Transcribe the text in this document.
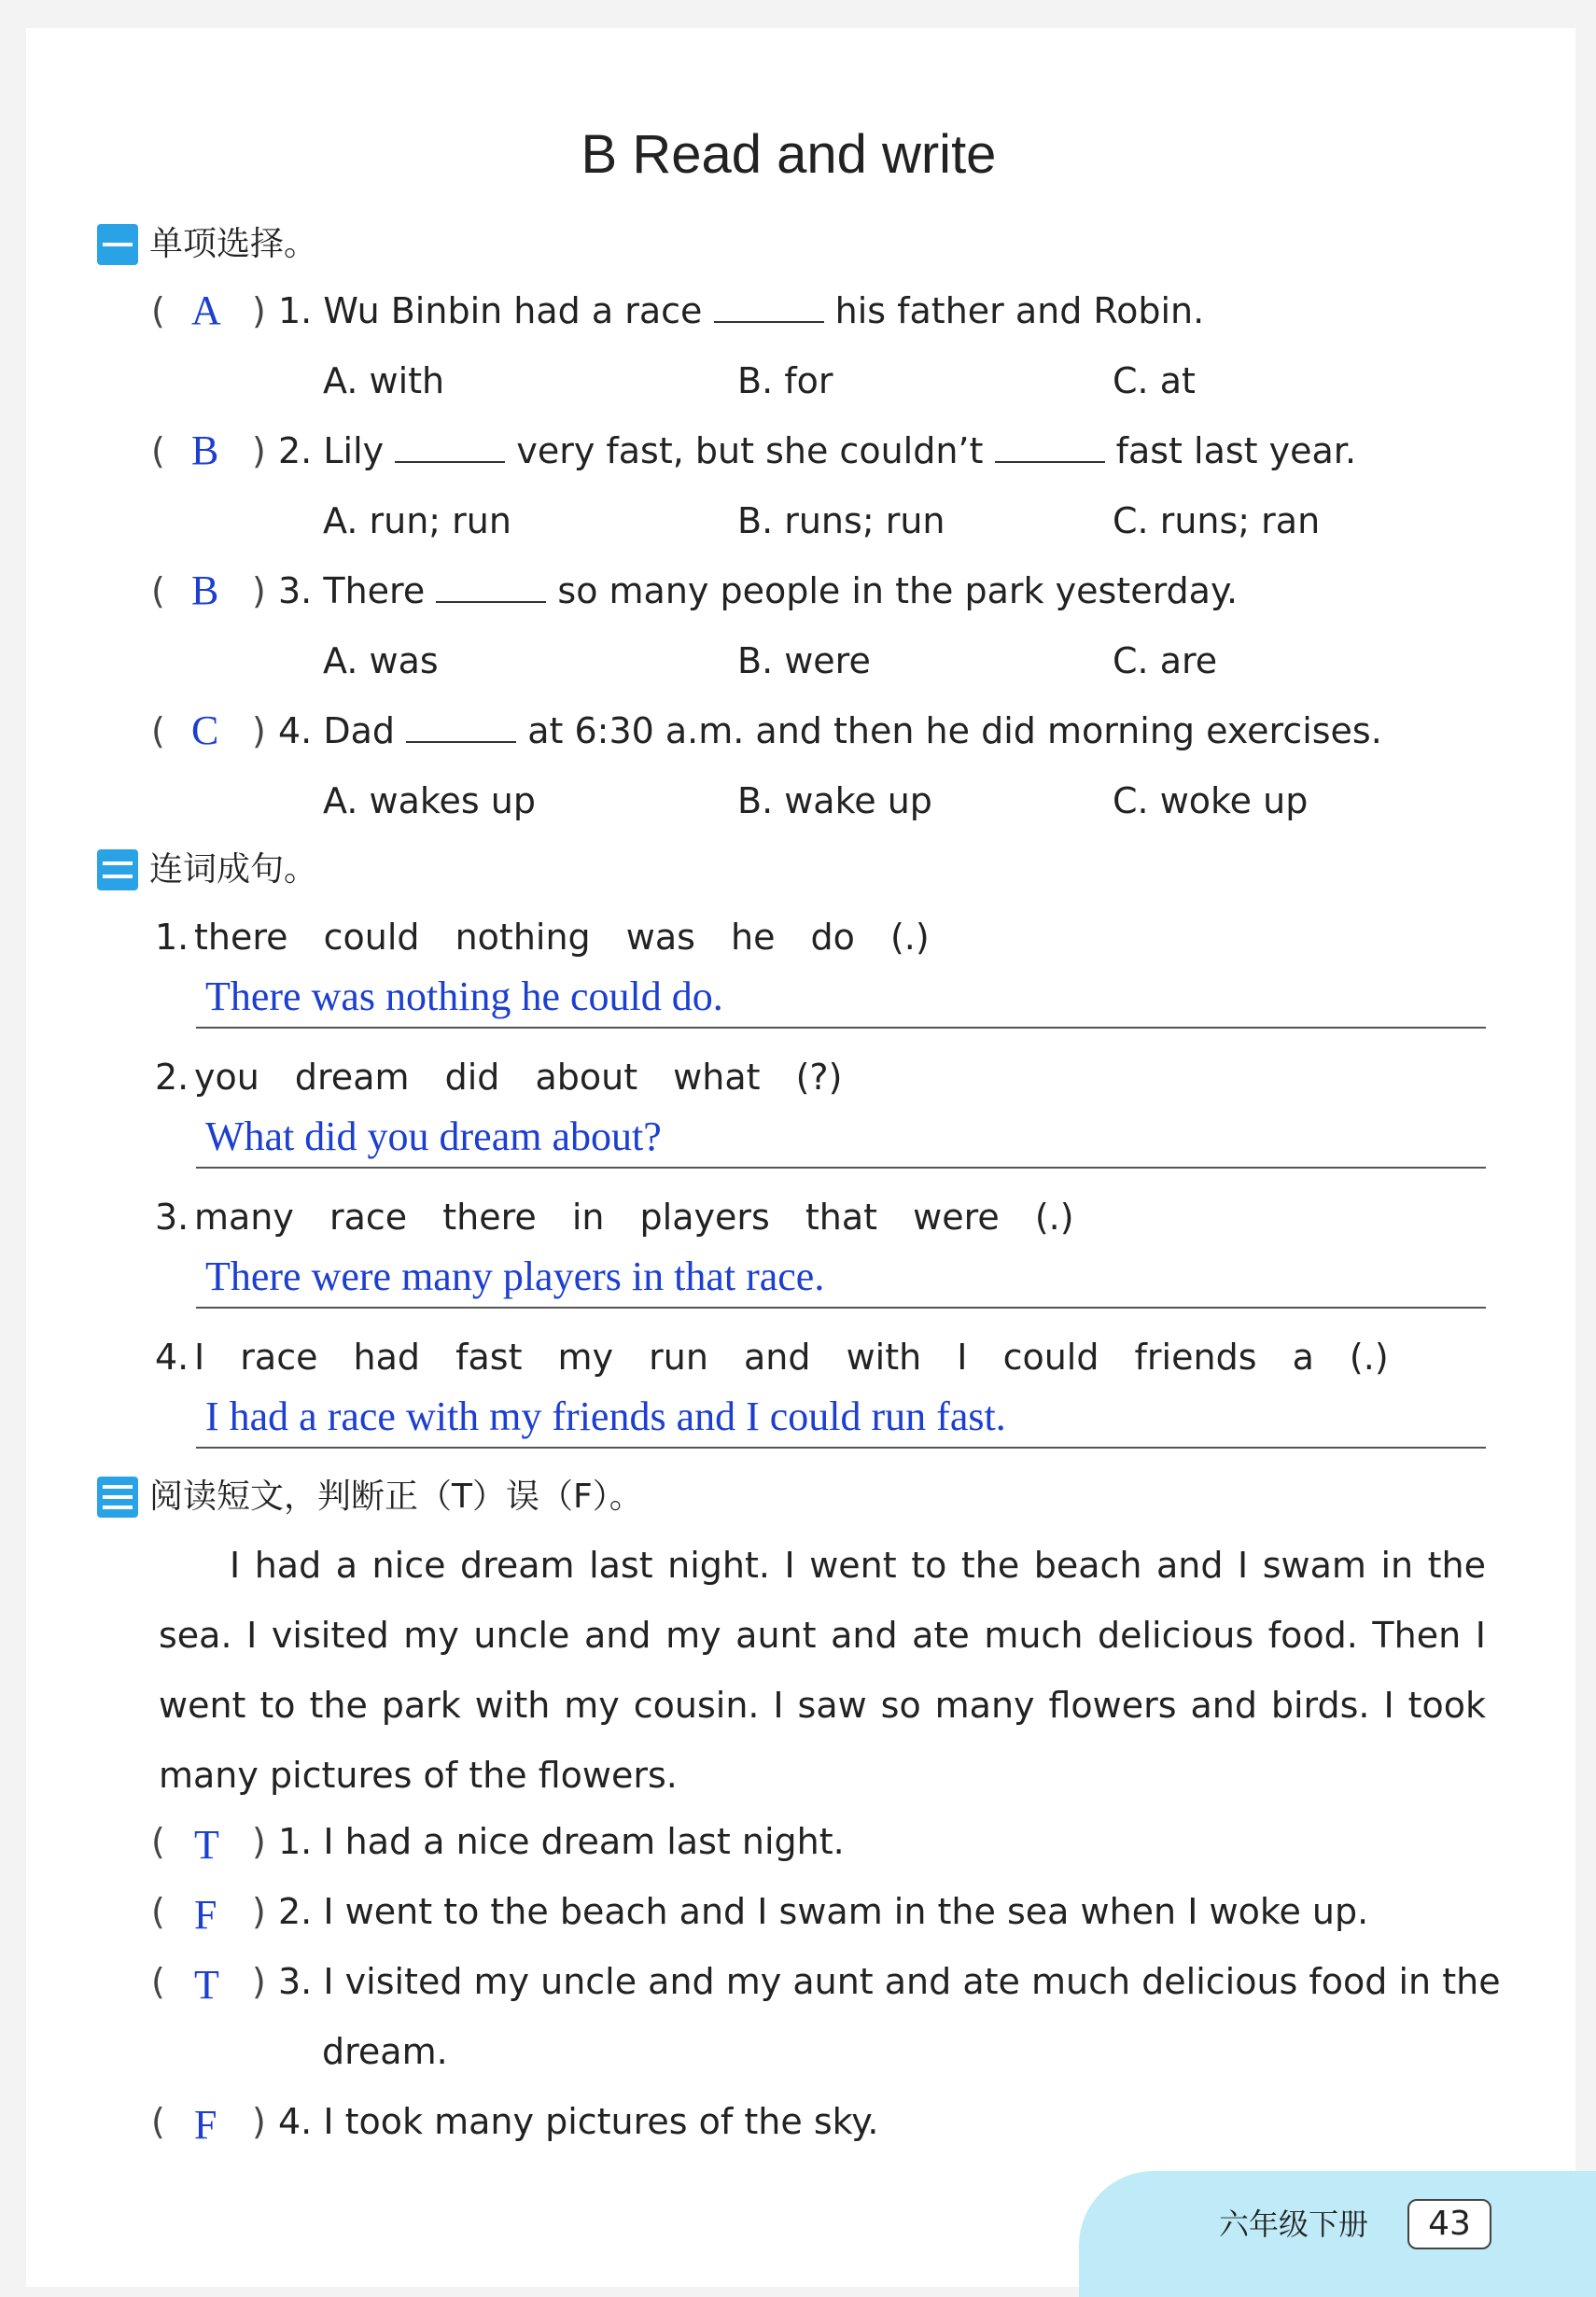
B Read and write
单项选择。
( A ) 1. Wu Binbin had a race	his father and Robin.
A. with	B. for	C. at
( B ) 2. Lily	very fast, but she couldn’t	fast last year.
A. run; run	B. runs; run	C. runs; ran
( B ) 3. There	so many people in the park yesterday.
A. was	B. were	C. are
( C ) 4. Dad	at 6:30 a.m. and then he did morning exercises.
A. wakes up	B. wake up	C. woke up
连词成句。
1. there could nothing was he do (.)
There was nothing he could do.
2. you dream did about what (?)
What did you dream about?
3. many race there in players that were (.)
There were many players in that race.
4. I race had fast my run and with I could friends a (.)
I had a race with my friends and I could run fast.
阅读短文，判断正（T）误（F）。
I had a nice dream last night. I went to the beach and I swam in the sea. I visited my uncle and my aunt and ate much delicious food. Then I went to the park with my cousin. I saw so many flowers and birds. I took many pictures of the flowers.
( T ) 1. I had a nice dream last night.
( F ) 2. I went to the beach and I swam in the sea when I woke up.
( T ) 3. I visited my uncle and my aunt and ate much delicious food in the
dream.
( F ) 4. I took many pictures of the sky.
六年级下册	43
